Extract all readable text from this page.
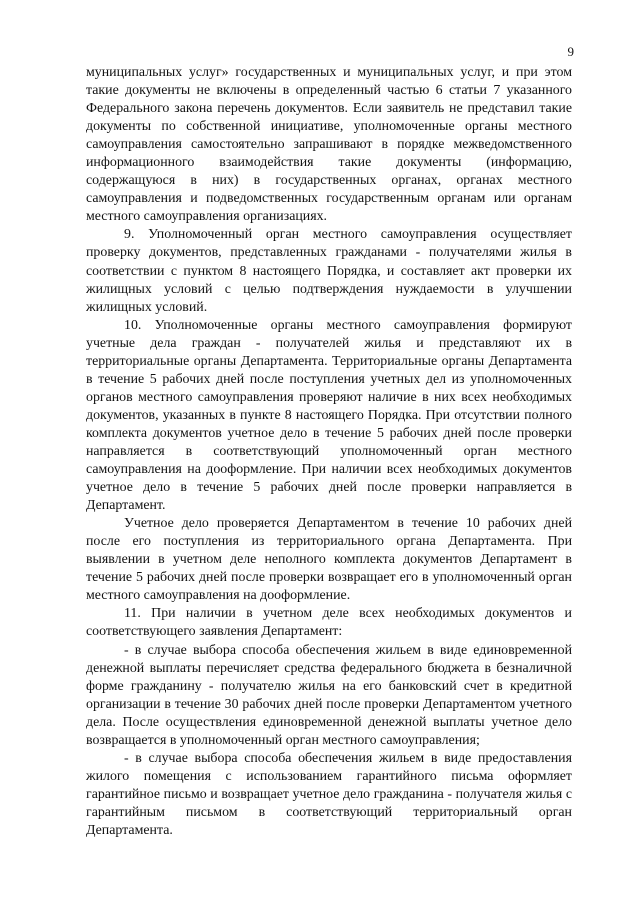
9

муниципальных услуг» государственных и муниципальных услуг, и при этом такие документы не включены в определенный частью 6 статьи 7 указанного Федерального закона перечень документов. Если заявитель не представил такие документы по собственной инициативе, уполномоченные органы местного самоуправления самостоятельно запрашивают в порядке межведомственного информационного взаимодействия такие документы (информацию, содержащуюся в них) в государственных органах, органах местного самоуправления и подведомственных государственным органам или органам местного самоуправления организациях.

9. Уполномоченный орган местного самоуправления осуществляет проверку документов, представленных гражданами - получателями жилья в соответствии с пунктом 8 настоящего Порядка, и составляет акт проверки их жилищных условий с целью подтверждения нуждаемости в улучшении жилищных условий.

10. Уполномоченные органы местного самоуправления формируют учетные дела граждан - получателей жилья и представляют их в территориальные органы Департамента. Территориальные органы Департамента в течение 5 рабочих дней после поступления учетных дел из уполномоченных органов местного самоуправления проверяют наличие в них всех необходимых документов, указанных в пункте 8 настоящего Порядка. При отсутствии полного комплекта документов учетное дело в течение 5 рабочих дней после проверки направляется в соответствующий уполномоченный орган местного самоуправления на дооформление. При наличии всех необходимых документов учетное дело в течение 5 рабочих дней после проверки направляется в Департамент.

Учетное дело проверяется Департаментом в течение 10 рабочих дней после его поступления из территориального органа Департамента. При выявлении в учетном деле неполного комплекта документов Департамент в течение 5 рабочих дней после проверки возвращает его в уполномоченный орган местного самоуправления на дооформление.

11. При наличии в учетном деле всех необходимых документов и соответствующего заявления Департамент:

- в случае выбора способа обеспечения жильем в виде единовременной денежной выплаты перечисляет средства федерального бюджета в безналичной форме гражданину - получателю жилья на его банковский счет в кредитной организации в течение 30 рабочих дней после проверки Департаментом учетного дела. После осуществления единовременной денежной выплаты учетное дело возвращается в уполномоченный орган местного самоуправления;

- в случае выбора способа обеспечения жильем в виде предоставления жилого помещения с использованием гарантийного письма оформляет гарантийное письмо и возвращает учетное дело гражданина - получателя жилья с гарантийным письмом в соответствующий территориальный орган Департамента.
